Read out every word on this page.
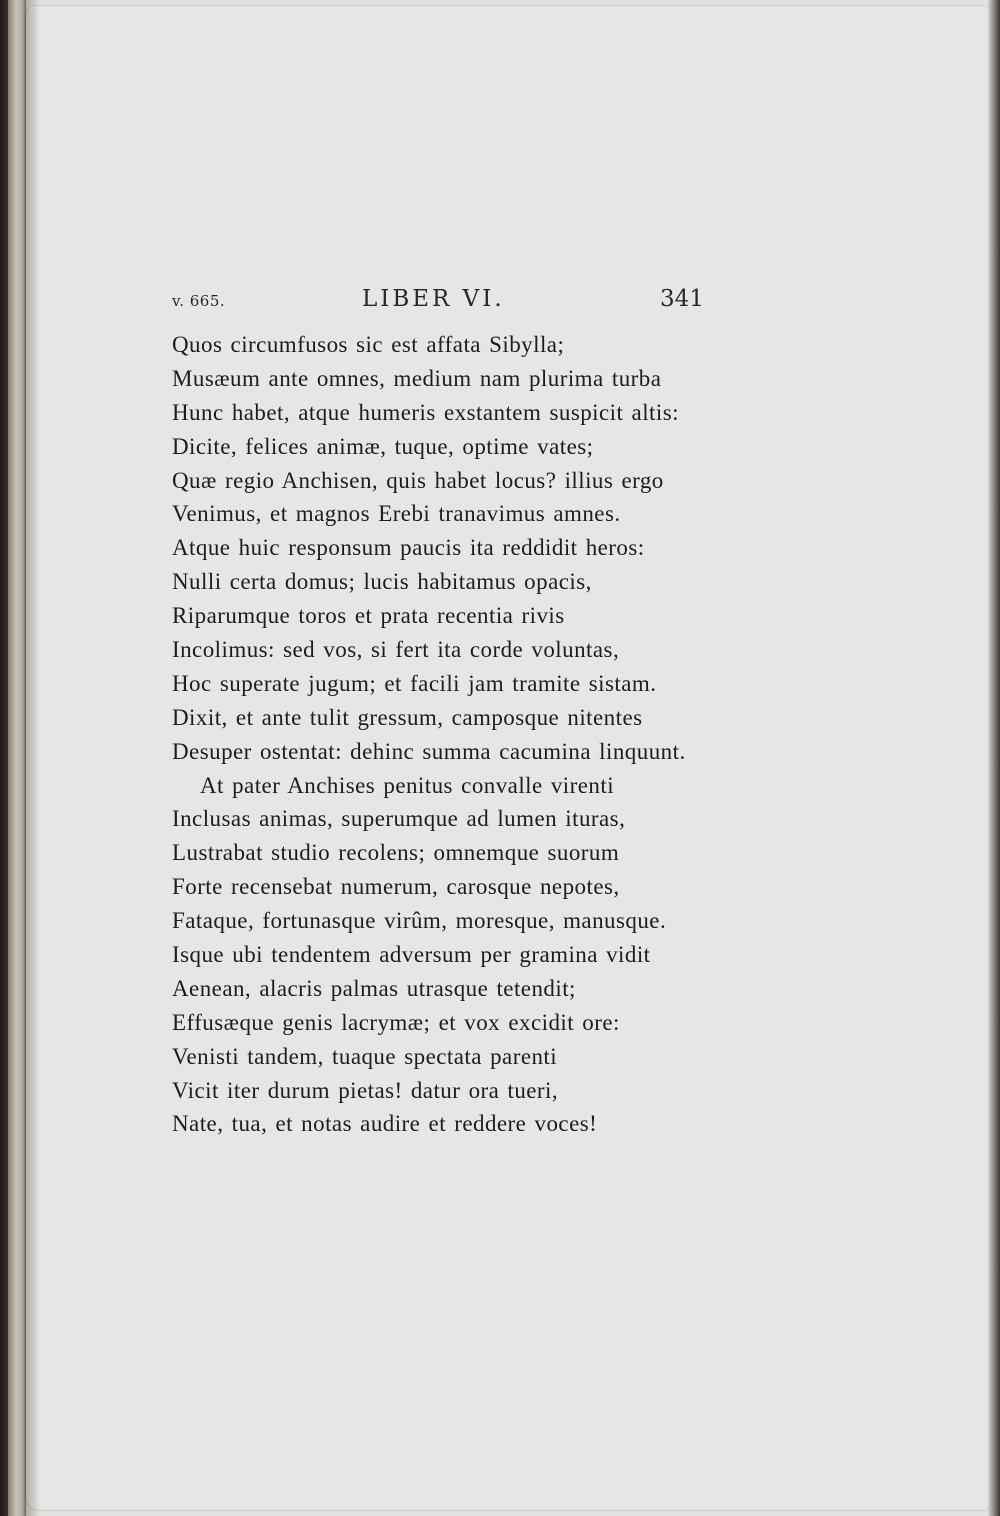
v. 665.	LIBER VI.	341
Quos circumfusos sic est affata Sibylla;
Musæum ante omnes, medium nam plurima turba
Hunc habet, atque humeris exstantem suspicit altis:
Dicite, felices animæ, tuque, optime vates;
Quæ regio Anchisen, quis habet locus? illius ergo
Venimus, et magnos Erebi tranavimus amnes.
Atque huic responsum paucis ita reddidit heros:
Nulli certa domus; lucis habitamus opacis,
Riparumque toros et prata recentia rivis
Incolimus: sed vos, si fert ita corde voluntas,
Hoc superate jugum; et facili jam tramite sistam.
Dixit, et ante tulit gressum, camposque nitentes
Desuper ostentat: dehinc summa cacumina linquunt.
At pater Anchises penitus convalle virenti
Inclusas animas, superumque ad lumen ituras,
Lustrabat studio recolens; omnemque suorum
Forte recensebat numerum, carosque nepotes,
Fataque, fortunasque virûm, moresque, manusque.
Isque ubi tendentem adversum per gramina vidit
Aenean, alacris palmas utrasque tetendit;
Effusæque genis lacrymæ; et vox excidit ore:
Venisti tandem, tuaque spectata parenti
Vicit iter durum pietas! datur ora tueri,
Nate, tua, et notas audire et reddere voces!
